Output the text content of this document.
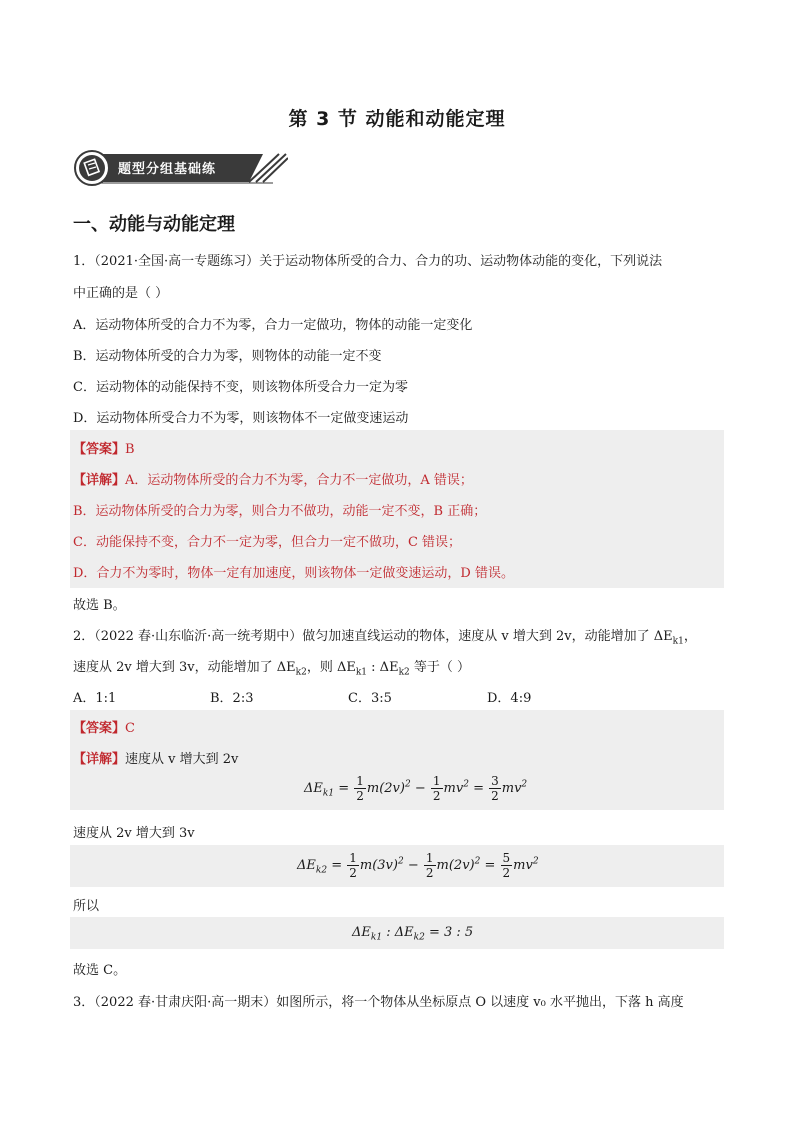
第 3 节 动能和动能定理
题型分组基础练
一、动能与动能定理
1．（2021·全国·高一专题练习）关于运动物体所受的合力、合力的功、运动物体动能的变化，下列说法
中正确的是（ ）
A．运动物体所受的合力不为零，合力一定做功，物体的动能一定变化
B．运动物体所受的合力为零，则物体的动能一定不变
C．运动物体的动能保持不变，则该物体所受合力一定为零
D．运动物体所受合力不为零，则该物体不一定做变速运动
【答案】B
【详解】A．运动物体所受的合力不为零，合力不一定做功，A 错误；
B．运动物体所受的合力为零，则合力不做功，动能一定不变，B 正确；
C．动能保持不变，合力不一定为零，但合力一定不做功，C 错误；
D．合力不为零时，物体一定有加速度，则该物体一定做变速运动，D 错误。
故选 B。
2．（2022 春·山东临沂·高一统考期中）做匀加速直线运动的物体，速度从 v 增大到 2v，动能增加了 $\Delta E_{k1}$，
速度从 2v 增大到 3v，动能增加了 $\Delta E_{k2}$，则 $\Delta E_{k1}$ : $\Delta E_{k2}$ 等于（ ）
A．1:1	B．2:3	C．3:5	D．4:9
【答案】C
【详解】速度从 v 增大到 2v
$\Delta E_{k1} = \frac{1}{2} m(2v)^2 - \frac{1}{2} mv^2 = \frac{3}{2} mv^2$
速度从 2v 增大到 3v
$\Delta E_{k2} = \frac{1}{2} m(3v)^2 - \frac{1}{2} m(2v)^2 = \frac{5}{2} mv^2$
所以
$\Delta E_{k1}$ : $\Delta E_{k2} = 3$ : 5
故选 C。
3．（2022 春·甘肃庆阳·高一期末）如图所示，将一个物体从坐标原点 O 以速度 v₀ 水平抛出，下落 h 高度
